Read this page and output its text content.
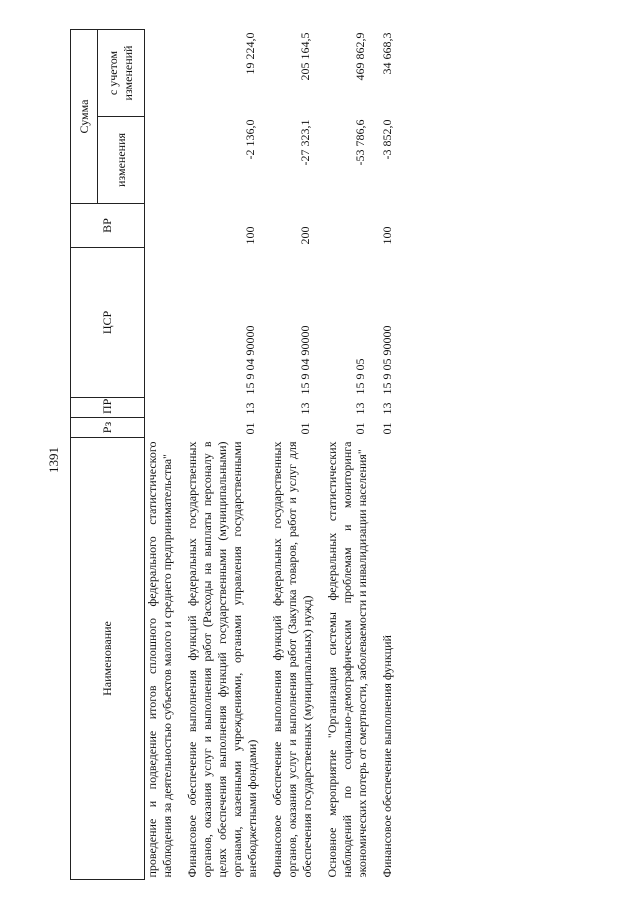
1391
Наименование	Рз	ПР	ЦСР	ВР	Сумма	
					изменения	с учетом изменений
проведение и подведение итогов сплошного федерального статистического наблюдения за деятельностью субъектов малого и среднего предпринимательства"						
Финансовое обеспечение выполнения функций федеральных государственных органов, оказания услуг и выполнения работ (Расходы на выплаты персоналу в целях обеспечения выполнения функций государственными (муниципальными) органами, казенными учреждениями, органами управления государственными внебюджетными фондами)	01	13	15 9 04 90000	100	-2 136,0	19 224,0
Финансовое обеспечение выполнения функций федеральных государственных органов, оказания услуг и выполнения работ (Закупка товаров, работ и услуг для обеспечения государственных (муниципальных) нужд)	01	13	15 9 04 90000	200	-27 323,1	205 164,5
Основное мероприятие "Организация системы федеральных статистических наблюдений по социально-демографическим проблемам и мониторинга экономических потерь от смертности, заболеваемости и инвалидизации населения"	01	13	15 9 05		-53 786,6	469 862,9
Финансовое обеспечение выполнения функций	01	13	15 9 05 90000	100	-3 852,0	34 668,3
